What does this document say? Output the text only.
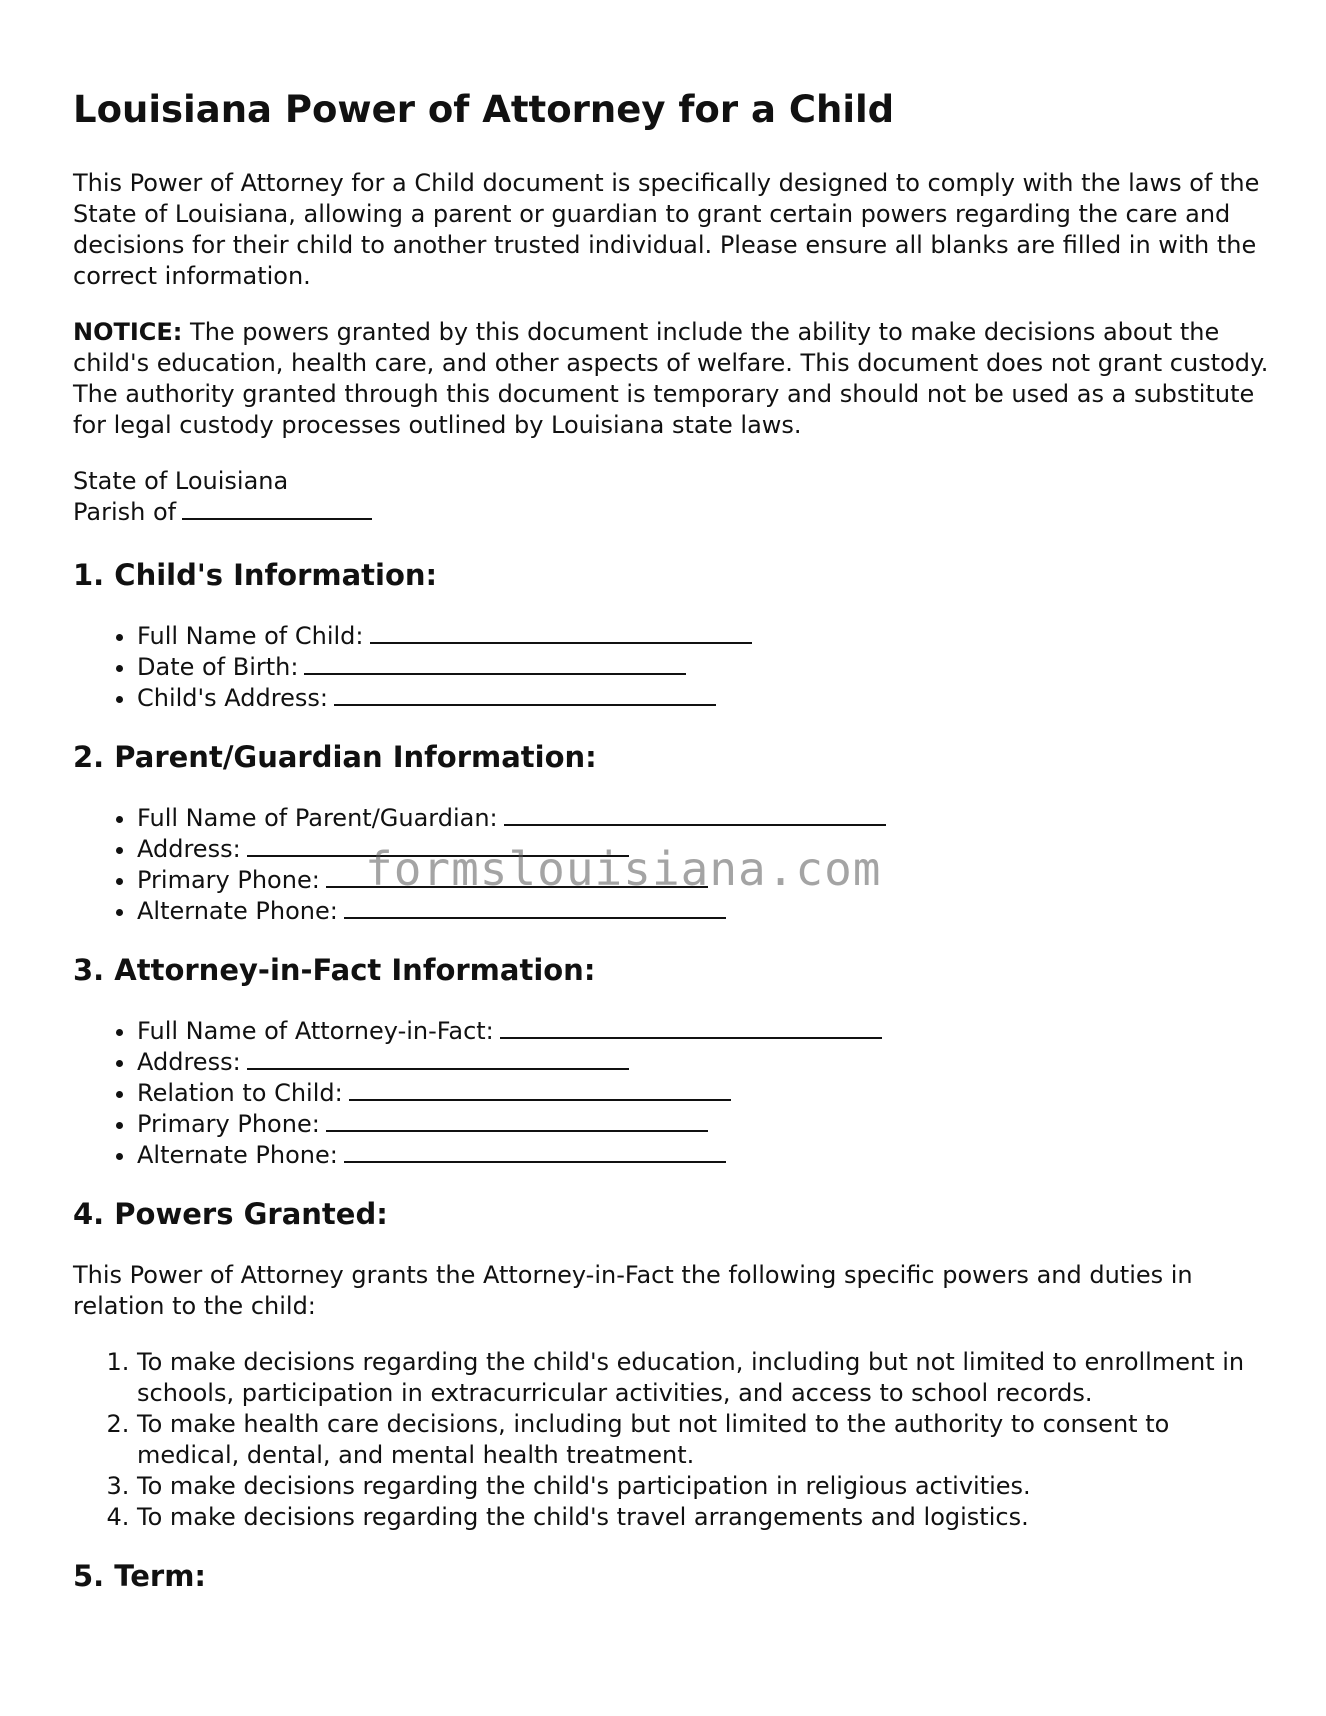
Louisiana Power of Attorney for a Child

This Power of Attorney for a Child document is specifically designed to comply with the laws of the State of Louisiana, allowing a parent or guardian to grant certain powers regarding the care and decisions for their child to another trusted individual. Please ensure all blanks are filled in with the correct information.

NOTICE: The powers granted by this document include the ability to make decisions about the child's education, health care, and other aspects of welfare. This document does not grant custody. The authority granted through this document is temporary and should not be used as a substitute for legal custody processes outlined by Louisiana state laws.

State of Louisiana
Parish of
1. Child's Information:
• Full Name of Child:
• Date of Birth:
• Child's Address:
2. Parent/Guardian Information:
• Full Name of Parent/Guardian:
• Address:
• Primary Phone:
• Alternate Phone:
3. Attorney-in-Fact Information:
• Full Name of Attorney-in-Fact:
• Address:
• Relation to Child:
• Primary Phone:
• Alternate Phone:
4. Powers Granted:

This Power of Attorney grants the Attorney-in-Fact the following specific powers and duties in relation to the child:

1. To make decisions regarding the child's education, including but not limited to enrollment in schools, participation in extracurricular activities, and access to school records.
2. To make health care decisions, including but not limited to the authority to consent to medical, dental, and mental health treatment.
3. To make decisions regarding the child's participation in religious activities.
4. To make decisions regarding the child's travel arrangements and logistics.
5. Term:
formslouisiana.com
